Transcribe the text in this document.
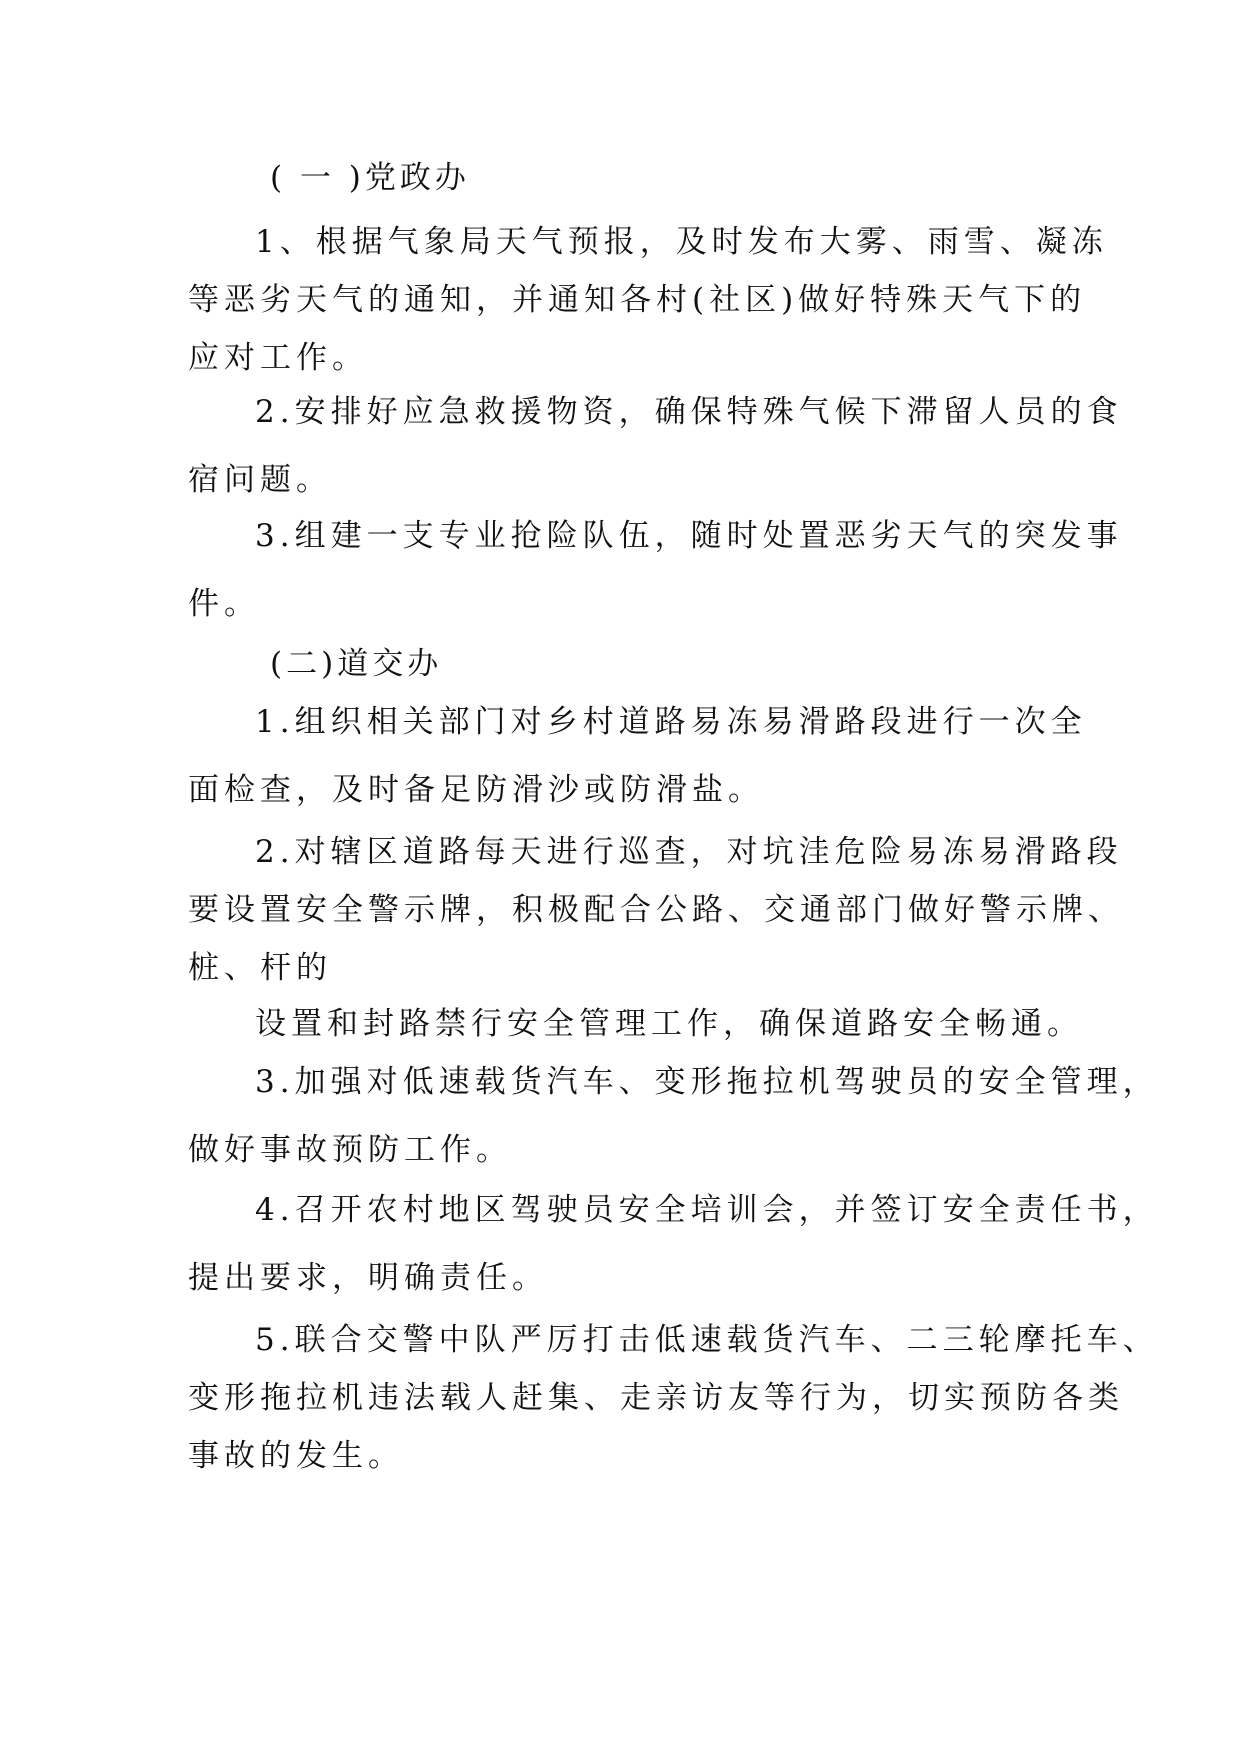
( 一 )党政办
1、根据气象局天气预报，及时发布大雾、雨雪、凝冻
等恶劣天气的通知，并通知各村(社区)做好特殊天气下的
应对工作。
2.安排好应急救援物资，确保特殊气候下滞留人员的食
宿问题。
3.组建一支专业抢险队伍，随时处置恶劣天气的突发事
件。
(二)道交办
1.组织相关部门对乡村道路易冻易滑路段进行一次全
面检查，及时备足防滑沙或防滑盐。
2.对辖区道路每天进行巡查，对坑洼危险易冻易滑路段
要设置安全警示牌，积极配合公路、交通部门做好警示牌、
桩、杆的
设置和封路禁行安全管理工作，确保道路安全畅通。
3.加强对低速载货汽车、变形拖拉机驾驶员的安全管理，
做好事故预防工作。
4.召开农村地区驾驶员安全培训会，并签订安全责任书，
提出要求，明确责任。
5.联合交警中队严厉打击低速载货汽车、二三轮摩托车、
变形拖拉机违法载人赶集、走亲访友等行为，切实预防各类
事故的发生。
